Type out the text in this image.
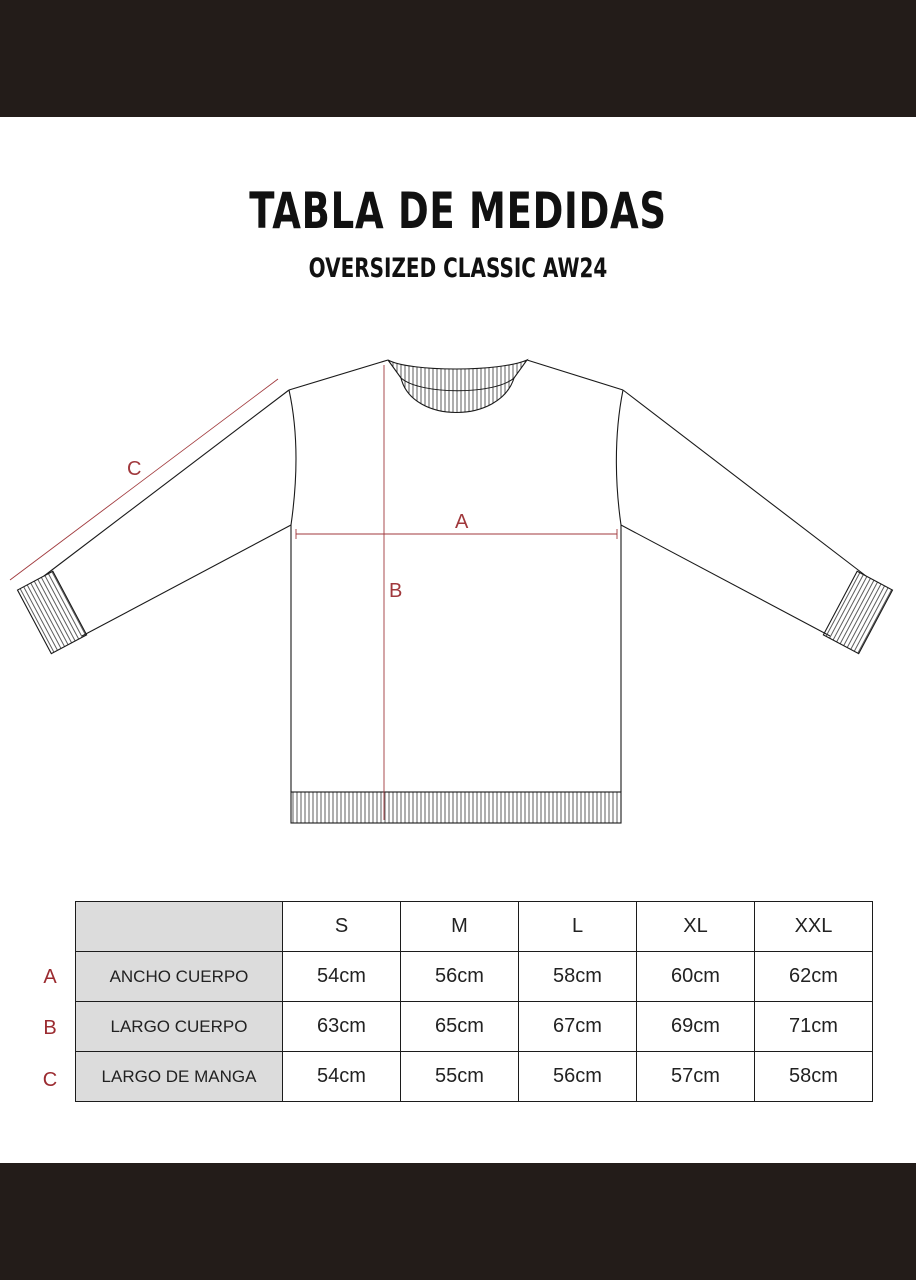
TABLA DE MEDIDAS
OVERSIZED CLASSIC AW24
A
B
C
A
B
C
	S	M	L	XL	XXL
ANCHO CUERPO	54cm	56cm	58cm	60cm	62cm
LARGO CUERPO	63cm	65cm	67cm	69cm	71cm
LARGO DE MANGA	54cm	55cm	56cm	57cm	58cm
